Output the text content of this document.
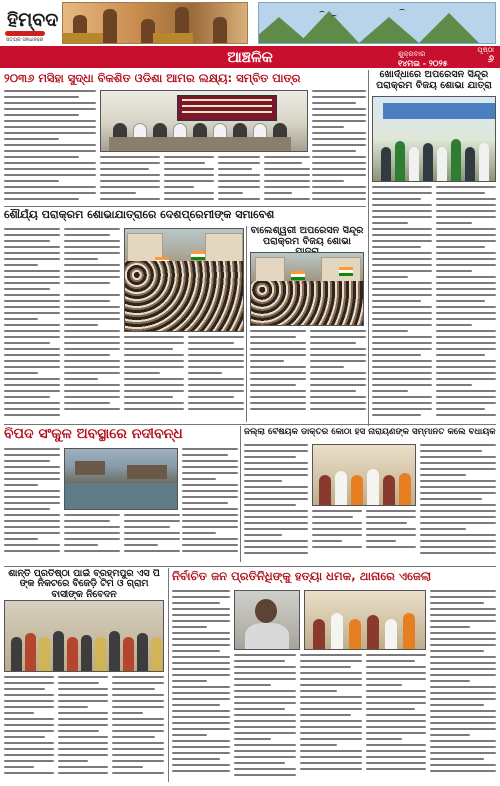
ହିମ୍ବଦ
ସତ୍ୟର ସନ୍ଧାନରେ
ଆଞ୍ଚଳିକ	ଶୁକ୍ରବାର
୧୪ମଇ - ୨୦୨୫
ପୃଷ୍ଠା
୬
୨୦୩୬ ମସିହା ସୁଦ୍ଧା ବିକଶିତ ଓଡିଶା ଆମର ଲକ୍ଷ୍ୟ: ସମ୍ବିତ ପାତ୍ର	ଖୋର୍ଦ୍ଧାରେ ଅପରେସନ ସିନ୍ଦୂର ପରାକ୍ରମ ବିଜୟ ଶୋଭା ଯାତ୍ରା
ଶୌର୍ଯ୍ୟ ପରାକ୍ରମ ଶୋଭାଯାତ୍ରାରେ ଦେଶପ୍ରେମୀଙ୍କ ସମାବେଶ
ବାଲେଶ୍ୱରୀ ଅପରେସନ ସିନ୍ଦୂର ପରାକ୍ରମ ବିଜୟ ଶୋଭା
ବିପଦ ସଂକୁଳ ଅବସ୍ଥାରେ ନଦୀବନ୍ଧ	ଜିଲ୍ଲା ବୈଷୟିକ ଡାକ୍ତର କୋଠା ହସି ନାରାୟଣଙ୍କ ସମ୍ମାନିତ କଲେ ବିଧାୟକ
ଶାନ୍ତି ପ୍ରତିଷ୍ଠା ପାଇଁ ବ୍ରହ୍ମପୁର ଏସ ପି ଙ୍କ ନିକଟରେ ବିଜେଡ଼ି ଟିମ ଓ ଗ୍ରାମ ବାସୀଙ୍କ ନିବେଦନ
ନିର୍ବାଚିତ ଜନ ପ୍ରତିନିଧିଙ୍କୁ ହତ୍ୟା ଧମକ, ଥାନାରେ ଏଜେଲା
